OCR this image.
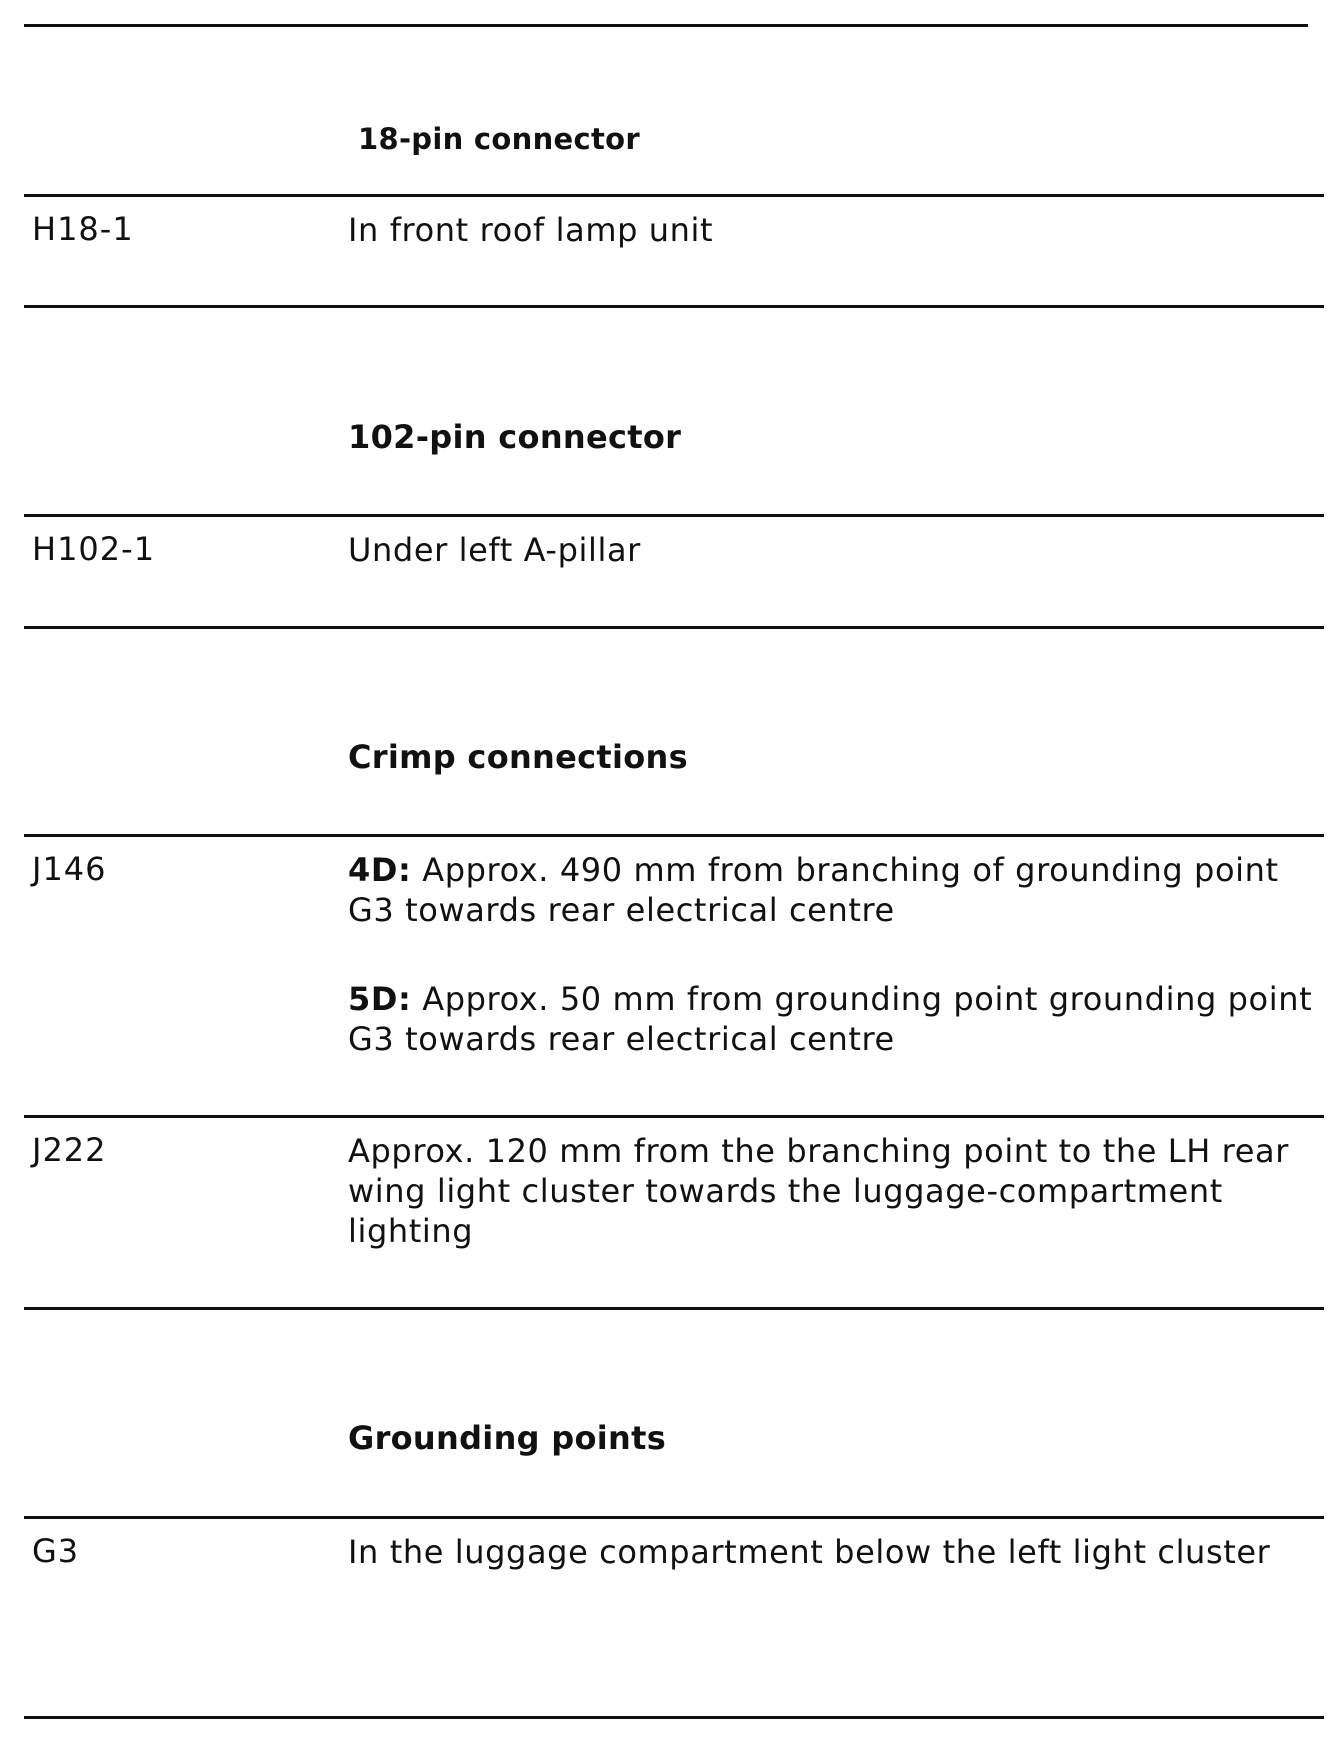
18-pin connector
H18-1	In front roof lamp unit
102-pin connector
H102-1	Under left A-pillar
Crimp connections
J146	4D: Approx. 490 mm from branching of grounding point G3 towards rear electrical centre
5D: Approx. 50 mm from grounding point grounding point G3 towards rear electrical centre
J222	Approx. 120 mm from the branching point to the LH rear wing light cluster towards the luggage-compartment lighting
Grounding points
G3	In the luggage compartment below the left light cluster
